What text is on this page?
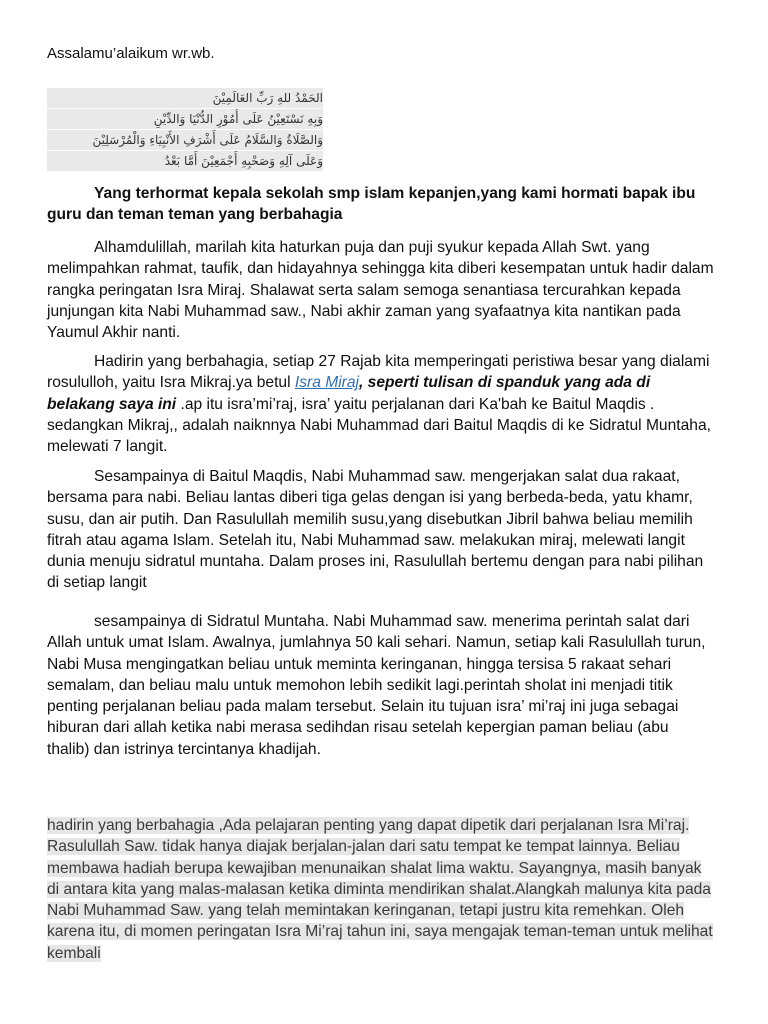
Assalamu’alaikum wr.wb.

الحَمْدُ للهِ رَبِّ العَالَمِيْنَ
وَبِهِ نَسْتَعِيْنُ عَلَى أُمُوْرِ الدُّنْيَا وَالدِّيْنِ
وَالصَّلَاةُ وَالسَّلَامُ عَلَى أَشْرَفِ الأَنْبِيَاءِ وَالْمُرْسَلِيْنَ
وَعَلَى آلِهِ وَصَحْبِهِ أَجْمَعِيْنَ أَمَّا بَعْدُ

Yang terhormat kepala sekolah smp islam kepanjen,yang kami hormati bapak ibu guru dan teman teman yang berbahagia

Alhamdulillah, marilah kita haturkan puja dan puji syukur kepada Allah Swt. yang melimpahkan rahmat, taufik, dan hidayahnya sehingga kita diberi kesempatan untuk hadir dalam rangka peringatan Isra Miraj. Shalawat serta salam semoga senantiasa tercurahkan kepada junjungan kita Nabi Muhammad saw., Nabi akhir zaman yang syafaatnya kita nantikan pada Yaumul Akhir nanti.

Hadirin yang berbahagia, setiap 27 Rajab kita memperingati peristiwa besar yang dialami rosululloh, yaitu Isra Mikraj.ya betul Isra Miraj, seperti tulisan di spanduk yang ada di belakang saya ini .ap itu isra’mi’raj, isra’ yaitu perjalanan dari Ka'bah ke Baitul Maqdis . sedangkan Mikraj,, adalah naiknnya Nabi Muhammad dari Baitul Maqdis di ke Sidratul Muntaha, melewati 7 langit.

Sesampainya di Baitul Maqdis, Nabi Muhammad saw. mengerjakan salat dua rakaat, bersama para nabi. Beliau lantas diberi tiga gelas dengan isi yang berbeda-beda, yatu khamr, susu, dan air putih. Dan Rasulullah memilih susu,yang disebutkan Jibril bahwa beliau memilih fitrah atau agama Islam. Setelah itu, Nabi Muhammad saw. melakukan miraj, melewati langit dunia menuju sidratul muntaha. Dalam proses ini, Rasulullah bertemu dengan para nabi pilihan di setiap langit

sesampainya di Sidratul Muntaha. Nabi Muhammad saw. menerima perintah salat dari Allah untuk umat Islam. Awalnya, jumlahnya 50 kali sehari. Namun, setiap kali Rasulullah turun, Nabi Musa mengingatkan beliau untuk meminta keringanan, hingga tersisa 5 rakaat sehari semalam, dan beliau malu untuk memohon lebih sedikit lagi.perintah sholat ini menjadi titik penting perjalanan beliau pada malam tersebut. Selain itu tujuan isra’ mi’raj ini juga sebagai hiburan dari allah ketika nabi merasa sedihdan risau setelah kepergian paman beliau (abu thalib) dan istrinya tercintanya khadijah.

hadirin yang berbahagia ,Ada pelajaran penting yang dapat dipetik dari perjalanan Isra Mi’raj. Rasulullah Saw. tidak hanya diajak berjalan-jalan dari satu tempat ke tempat lainnya. Beliau membawa hadiah berupa kewajiban menunaikan shalat lima waktu. Sayangnya, masih banyak di antara kita yang malas-malasan ketika diminta mendirikan shalat.Alangkah malunya kita pada Nabi Muhammad Saw. yang telah memintakan keringanan, tetapi justru kita remehkan. Oleh karena itu, di momen peringatan Isra Mi’raj tahun ini, saya mengajak teman-teman untuk melihat kembali
